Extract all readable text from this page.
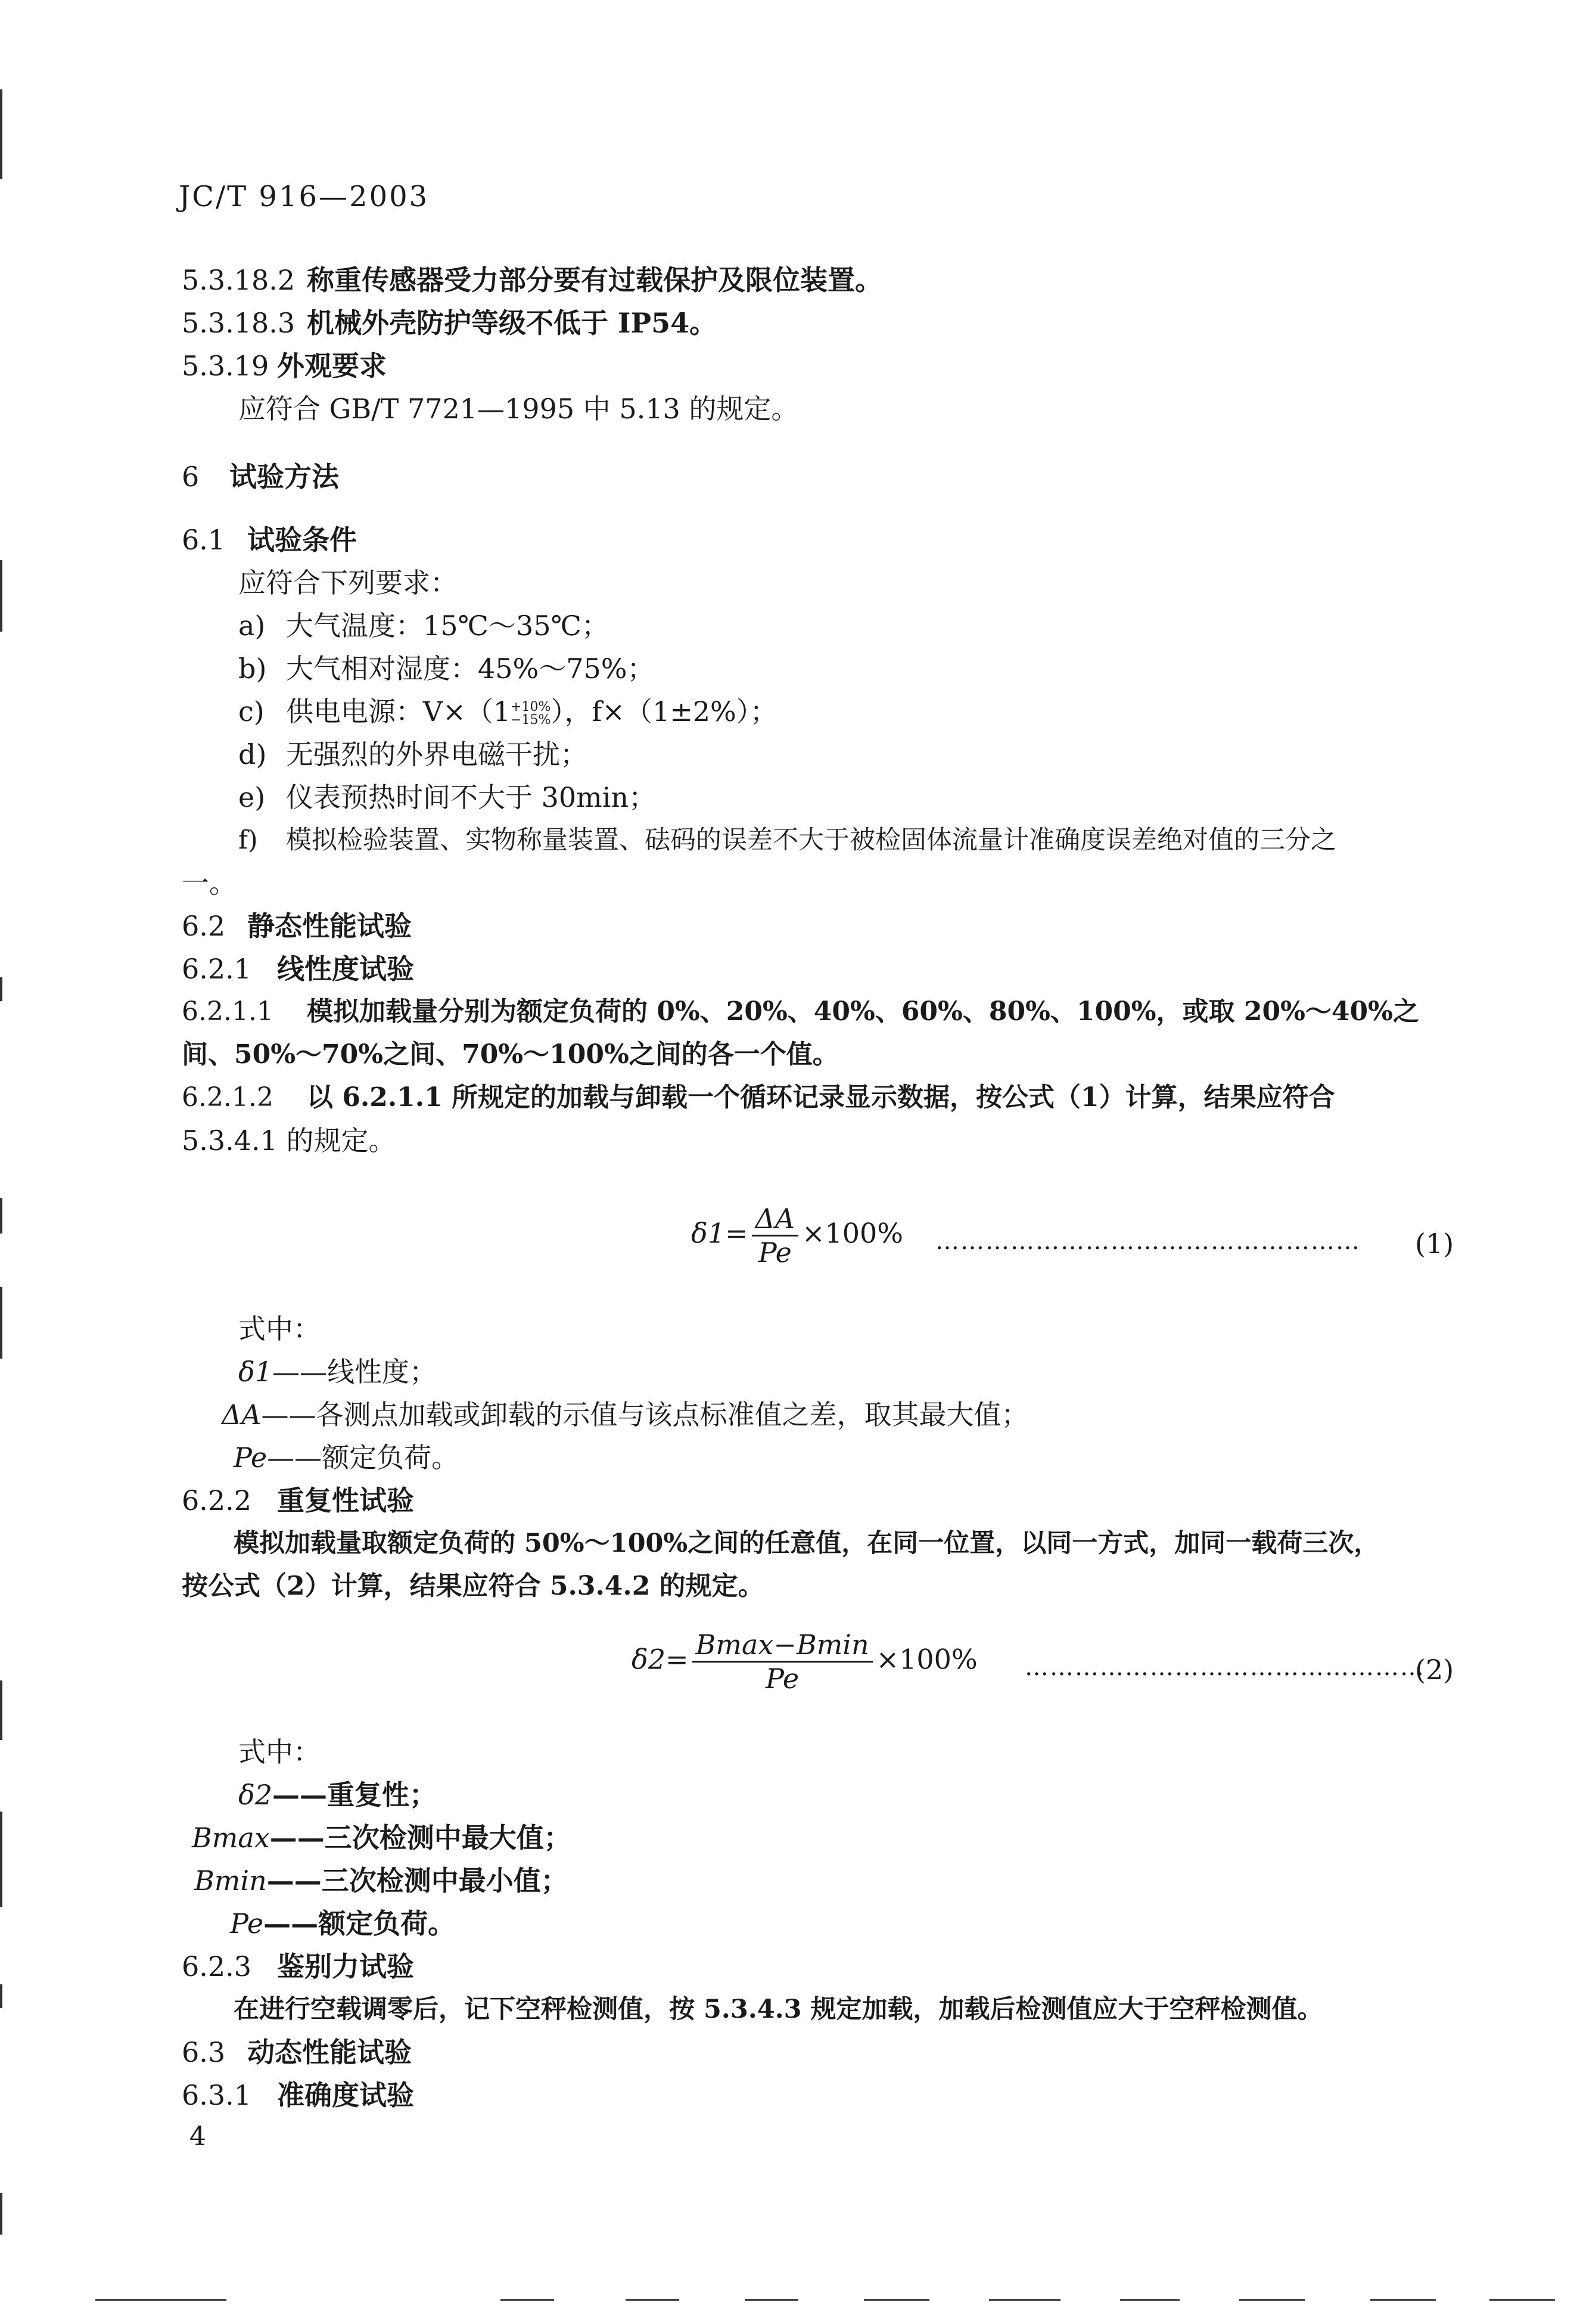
JC/T 916—2003
5.3.18.2 称重传感器受力部分要有过载保护及限位装置。
5.3.18.3 机械外壳防护等级不低于 IP54。
5.3.19 外观要求
应符合 GB/T 7721—1995 中 5.13 的规定。
6 试验方法
6.1 试验条件
应符合下列要求：
a) 大气温度：15℃～35℃；
b) 大气相对湿度：45%～75%；
c) 供电电源：V×（1 +10%
−15% ），f×（1±2%）；
d) 无强烈的外界电磁干扰；
e) 仪表预热时间不大于 30min；
f) 模拟检验装置、实物称量装置、砝码的误差不大于被检固体流量计准确度误差绝对值的三分之
一。
6.2 静态性能试验
6.2.1 线性度试验
6.2.1.1 模拟加载量分别为额定负荷的 0%、20%、40%、60%、80%、100%，或取 20%～40%之
间、50%～70%之间、70%～100%之间的各一个值。
6.2.1.2 以 6.2.1.1 所规定的加载与卸载一个循环记录显示数据，按公式（1）计算，结果应符合
5.3.4.1 的规定。
$\delta 1= \frac{\Delta A}{Pe} \times 100\%$ …………………………………………… (1)
式中：
δ1——线性度；
ΔA——各测点加载或卸载的示值与该点标准值之差，取其最大值；
Pe——额定负荷。
6.2.2 重复性试验
模拟加载量取额定负荷的 50%～100%之间的任意值，在同一位置，以同一方式，加同一载荷三次，
按公式（2）计算，结果应符合 5.3.4.2 的规定。
$\delta 2= \frac{Bmax-Bmin}{Pe} \times 100\%$ …………………………………………
(2)
式中：
δ2——重复性；
Bmax——三次检测中最大值；
Bmin——三次检测中最小值；
Pe——额定负荷。
6.2.3 鉴别力试验
在进行空载调零后，记下空秤检测值，按 5.3.4.3 规定加载，加载后检测值应大于空秤检测值。
6.3 动态性能试验
6.3.1 准确度试验
4
